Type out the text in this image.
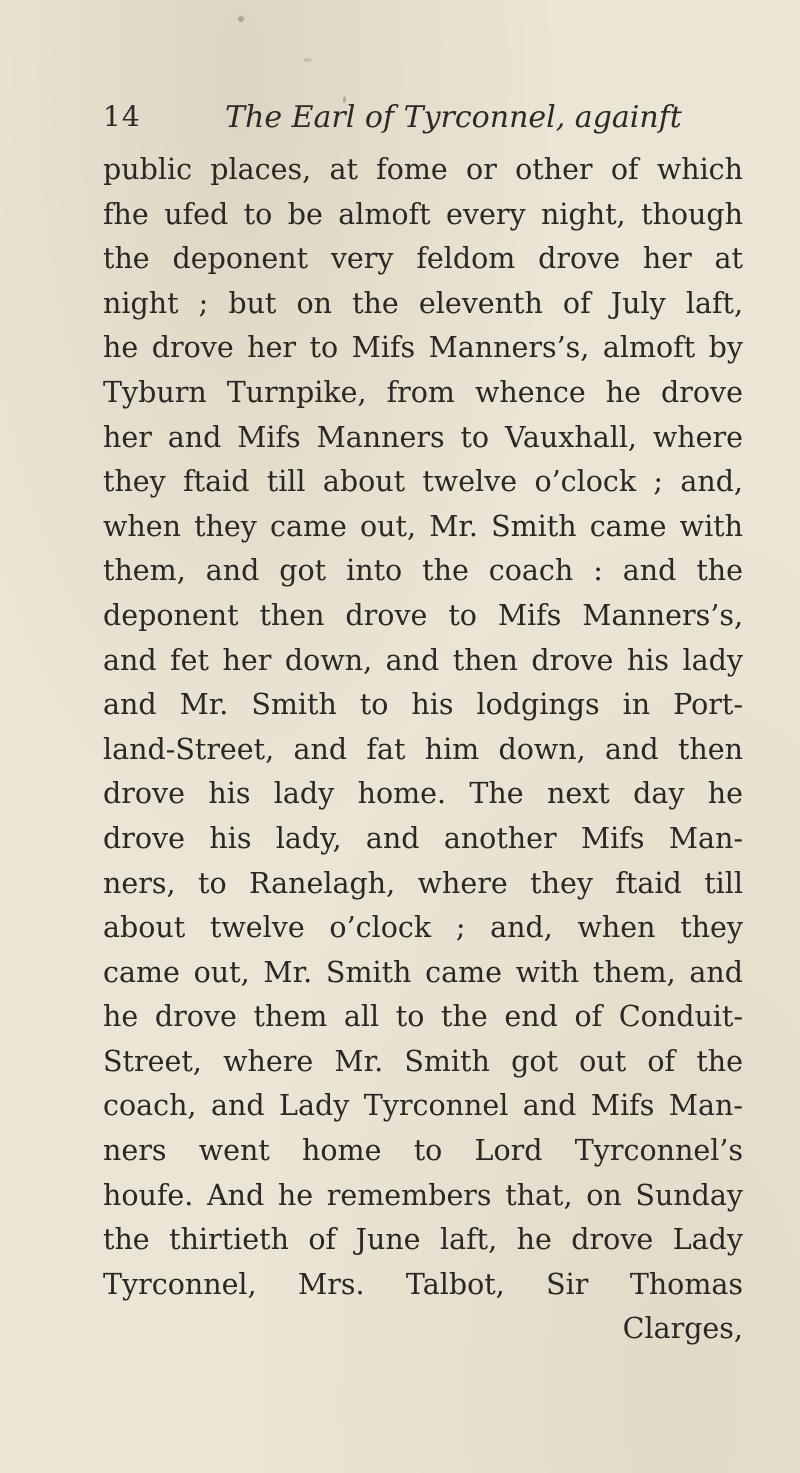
14	The Earl of Tyrconnel, againft
public places, at fome or other of which
fhe ufed to be almoft every night, though
the deponent very feldom drove her at
night ; but on the eleventh of July laft,
he drove her to Mifs Manners’s, almoft by
Tyburn Turnpike, from whence he drove
her and Mifs Manners to Vauxhall, where
they ftaid till about twelve o’clock ; and,
when they came out, Mr. Smith came with
them, and got into the coach : and the
deponent then drove to Mifs Manners’s,
and fet her down, and then drove his lady
and Mr. Smith to his lodgings in Port-
land-Street, and fat him down, and then
drove his lady home. The next day he
drove his lady, and another Mifs Man-
ners, to Ranelagh, where they ftaid till
about twelve o’clock ; and, when they
came out, Mr. Smith came with them, and
he drove them all to the end of Conduit-
Street, where Mr. Smith got out of the
coach, and Lady Tyrconnel and Mifs Man-
ners went home to Lord Tyrconnel’s
houfe. And he remembers that, on Sunday
the thirtieth of June laft, he drove Lady
Tyrconnel, Mrs. Talbot, Sir Thomas
Clarges,
